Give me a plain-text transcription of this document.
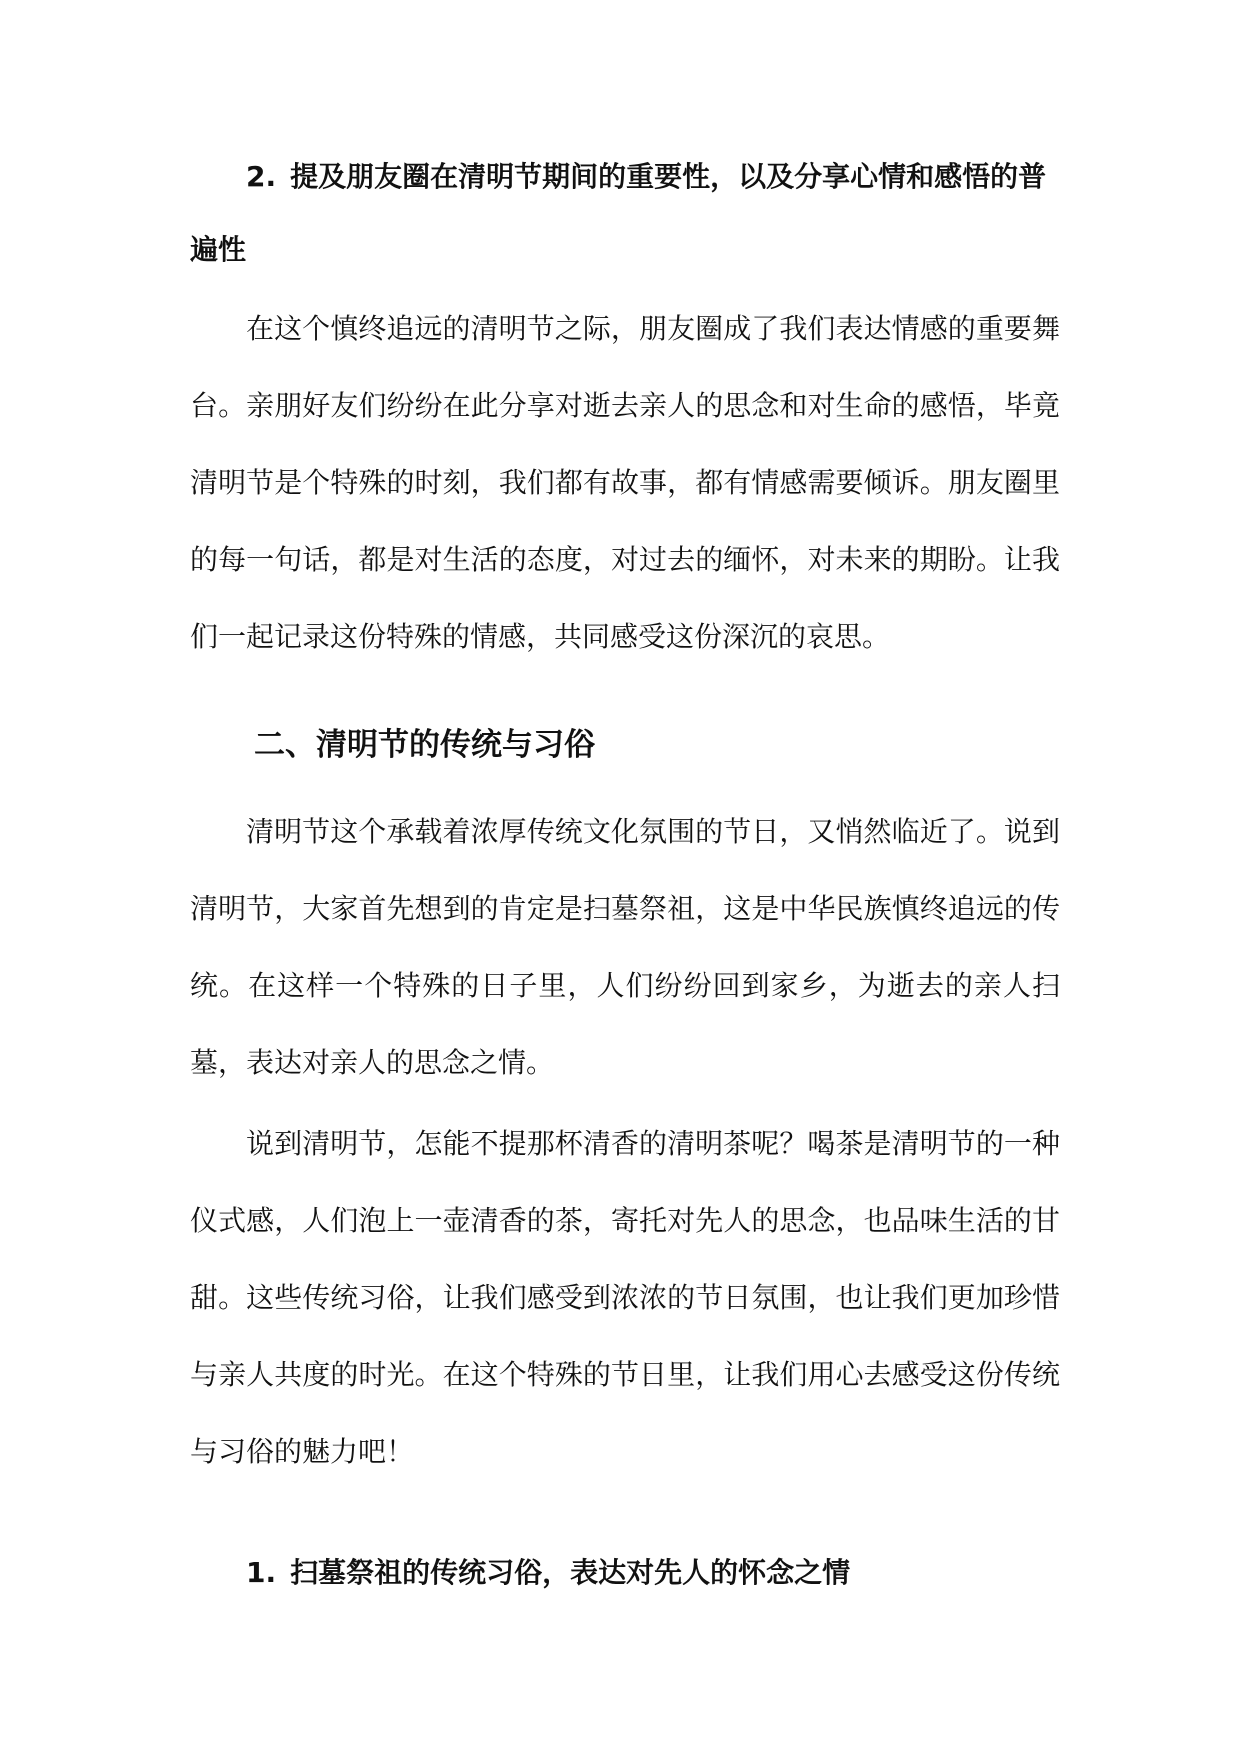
2. 提及朋友圈在清明节期间的重要性，以及分享心情和感悟的普遍性

在这个慎终追远的清明节之际，朋友圈成了我们表达情感的重要舞台。亲朋好友们纷纷在此分享对逝去亲人的思念和对生命的感悟，毕竟清明节是个特殊的时刻，我们都有故事，都有情感需要倾诉。朋友圈里的每一句话，都是对生活的态度，对过去的缅怀，对未来的期盼。让我们一起记录这份特殊的情感，共同感受这份深沉的哀思。

二、清明节的传统与习俗

清明节这个承载着浓厚传统文化氛围的节日，又悄然临近了。说到清明节，大家首先想到的肯定是扫墓祭祖，这是中华民族慎终追远的传统。在这样一个特殊的日子里，人们纷纷回到家乡，为逝去的亲人扫墓，表达对亲人的思念之情。

说到清明节，怎能不提那杯清香的清明茶呢？喝茶是清明节的一种仪式感，人们泡上一壶清香的茶，寄托对先人的思念，也品味生活的甘甜。这些传统习俗，让我们感受到浓浓的节日氛围，也让我们更加珍惜与亲人共度的时光。在这个特殊的节日里，让我们用心去感受这份传统与习俗的魅力吧！

1. 扫墓祭祖的传统习俗，表达对先人的怀念之情
